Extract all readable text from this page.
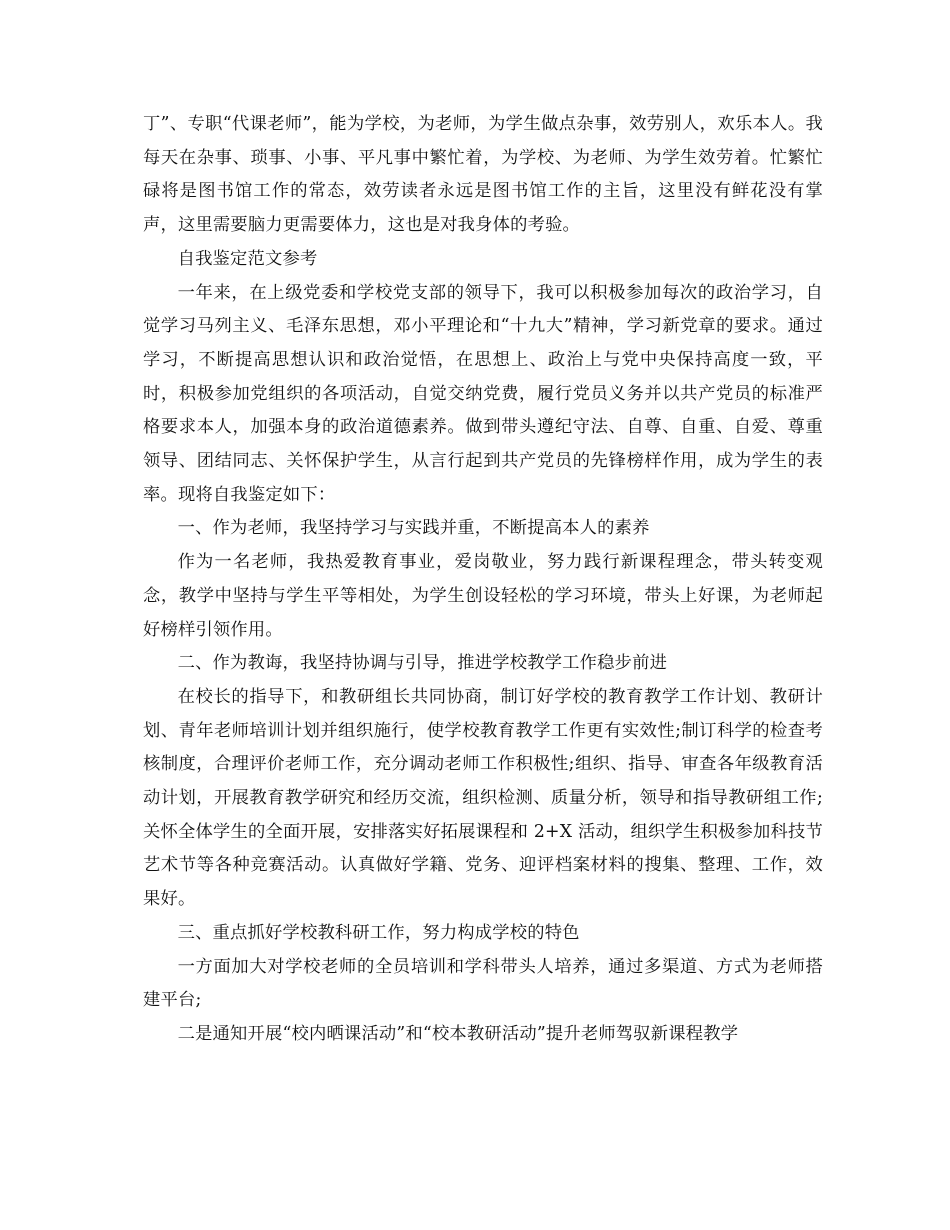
丁”、专职“代课老师”，能为学校，为老师，为学生做点杂事，效劳别人，欢乐本人。我每天在杂事、琐事、小事、平凡事中繁忙着，为学校、为老师、为学生效劳着。忙繁忙碌将是图书馆工作的常态，效劳读者永远是图书馆工作的主旨，这里没有鲜花没有掌声，这里需要脑力更需要体力，这也是对我身体的考验。

自我鉴定范文参考

一年来，在上级党委和学校党支部的领导下，我可以积极参加每次的政治学习，自觉学习马列主义、毛泽东思想，邓小平理论和“十九大”精神，学习新党章的要求。通过学习，不断提高思想认识和政治觉悟，在思想上、政治上与党中央保持高度一致，平时，积极参加党组织的各项活动，自觉交纳党费，履行党员义务并以共产党员的标准严格要求本人，加强本身的政治道德素养。做到带头遵纪守法、自尊、自重、自爱、尊重领导、团结同志、关怀保护学生，从言行起到共产党员的先锋榜样作用，成为学生的表率。现将自我鉴定如下：

一、作为老师，我坚持学习与实践并重，不断提高本人的素养

作为一名老师，我热爱教育事业，爱岗敬业，努力践行新课程理念，带头转变观念，教学中坚持与学生平等相处，为学生创设轻松的学习环境，带头上好课，为老师起好榜样引领作用。

二、作为教诲，我坚持协调与引导，推进学校教学工作稳步前进

在校长的指导下，和教研组长共同协商，制订好学校的教育教学工作计划、教研计划、青年老师培训计划并组织施行，使学校教育教学工作更有实效性;制订科学的检查考核制度，合理评价老师工作，充分调动老师工作积极性;组织、指导、审查各年级教育活动计划，开展教育教学研究和经历交流，组织检测、质量分析，领导和指导教研组工作;关怀全体学生的全面开展，安排落实好拓展课程和 2+X 活动，组织学生积极参加科技节艺术节等各种竞赛活动。认真做好学籍、党务、迎评档案材料的搜集、整理、工作，效果好。

三、重点抓好学校教科研工作，努力构成学校的特色

一方面加大对学校老师的全员培训和学科带头人培养，通过多渠道、方式为老师搭建平台;

二是通知开展“校内晒课活动”和“校本教研活动”提升老师驾驭新课程教学
